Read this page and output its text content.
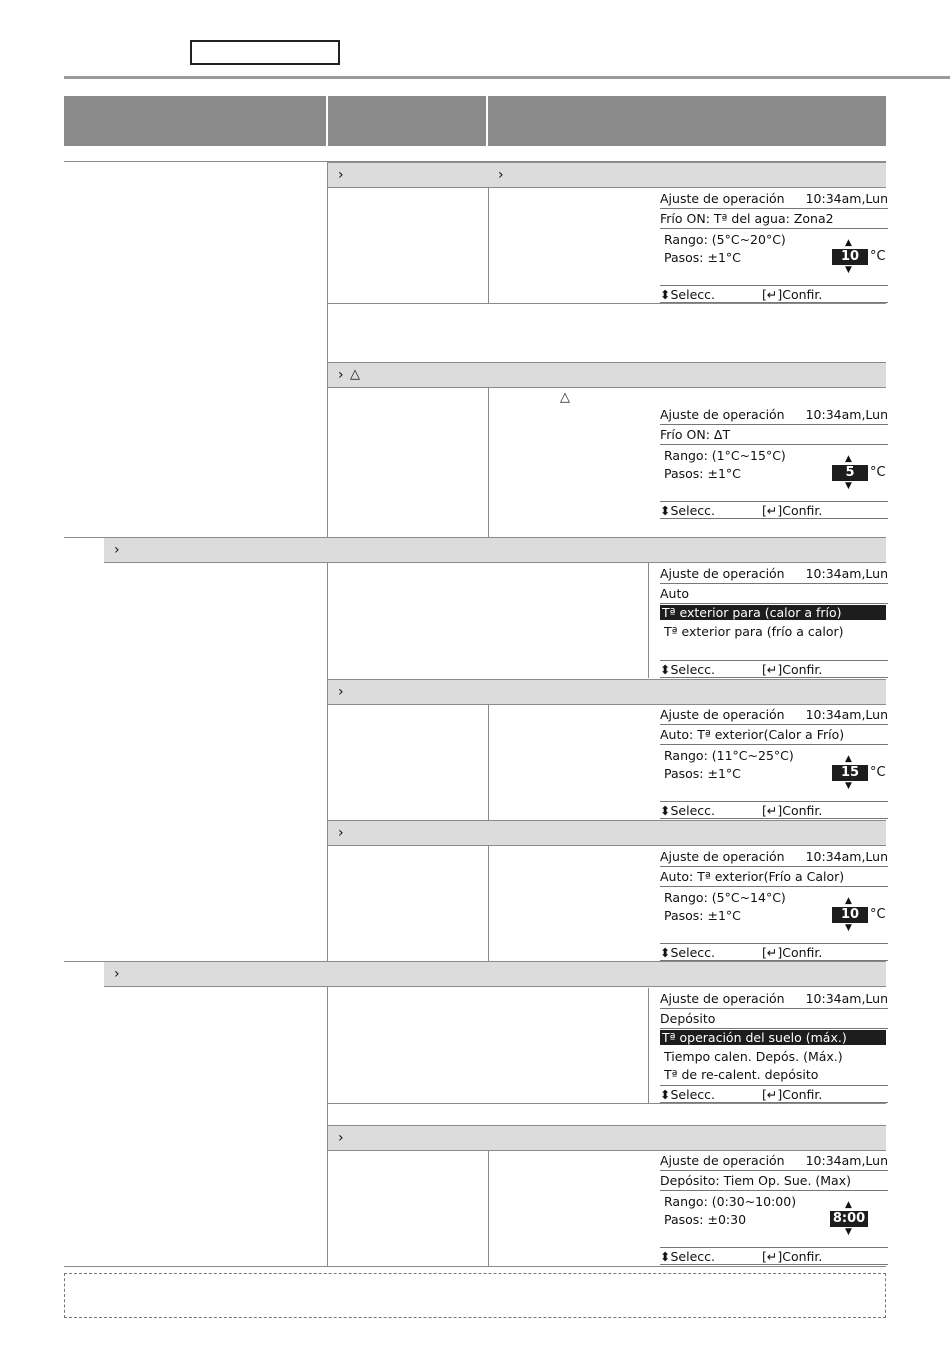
›	›
› △
›
›
›
›
›
△
Ajuste de operación 10:34am,Lun
Frío ON: Tª del agua: Zona2
Rango: (5°C~20°C)
Pasos: ±1°C
▲
10 °C
▼
⬍Selecc.	[↵]Confir.
Ajuste de operación 10:34am,Lun
Frío ON: ΔT
Rango: (1°C~15°C)
Pasos: ±1°C
▲
5	°C
▼
⬍Selecc.	[↵]Confir.
Ajuste de operación 10:34am,Lun
Auto
Tª exterior para (calor a frío)
Tª exterior para (frío a calor)
⬍Selecc.	[↵]Confir.
Ajuste de operación 10:34am,Lun
Auto: Tª exterior(Calor a Frío)
Rango: (11°C~25°C)
Pasos: ±1°C
▲
15 °C
▼
⬍Selecc.	[↵]Confir.
Ajuste de operación 10:34am,Lun
Auto: Tª exterior(Frío a Calor)
Rango: (5°C~14°C)
Pasos: ±1°C
▲
10 °C
▼
⬍Selecc.	[↵]Confir.
Ajuste de operación 10:34am,Lun
Depósito
Tª operación del suelo (máx.)
Tiempo calen. Depós. (Máx.)
Tª de re-calent. depósito
⬍Selecc.	[↵]Confir.
Ajuste de operación 10:34am,Lun
Depósito: Tiem Op. Sue. (Max)
Rango: (0:30~10:00)
Pasos: ±0:30
▲
8:00
▼
⬍Selecc.	[↵]Confir.
